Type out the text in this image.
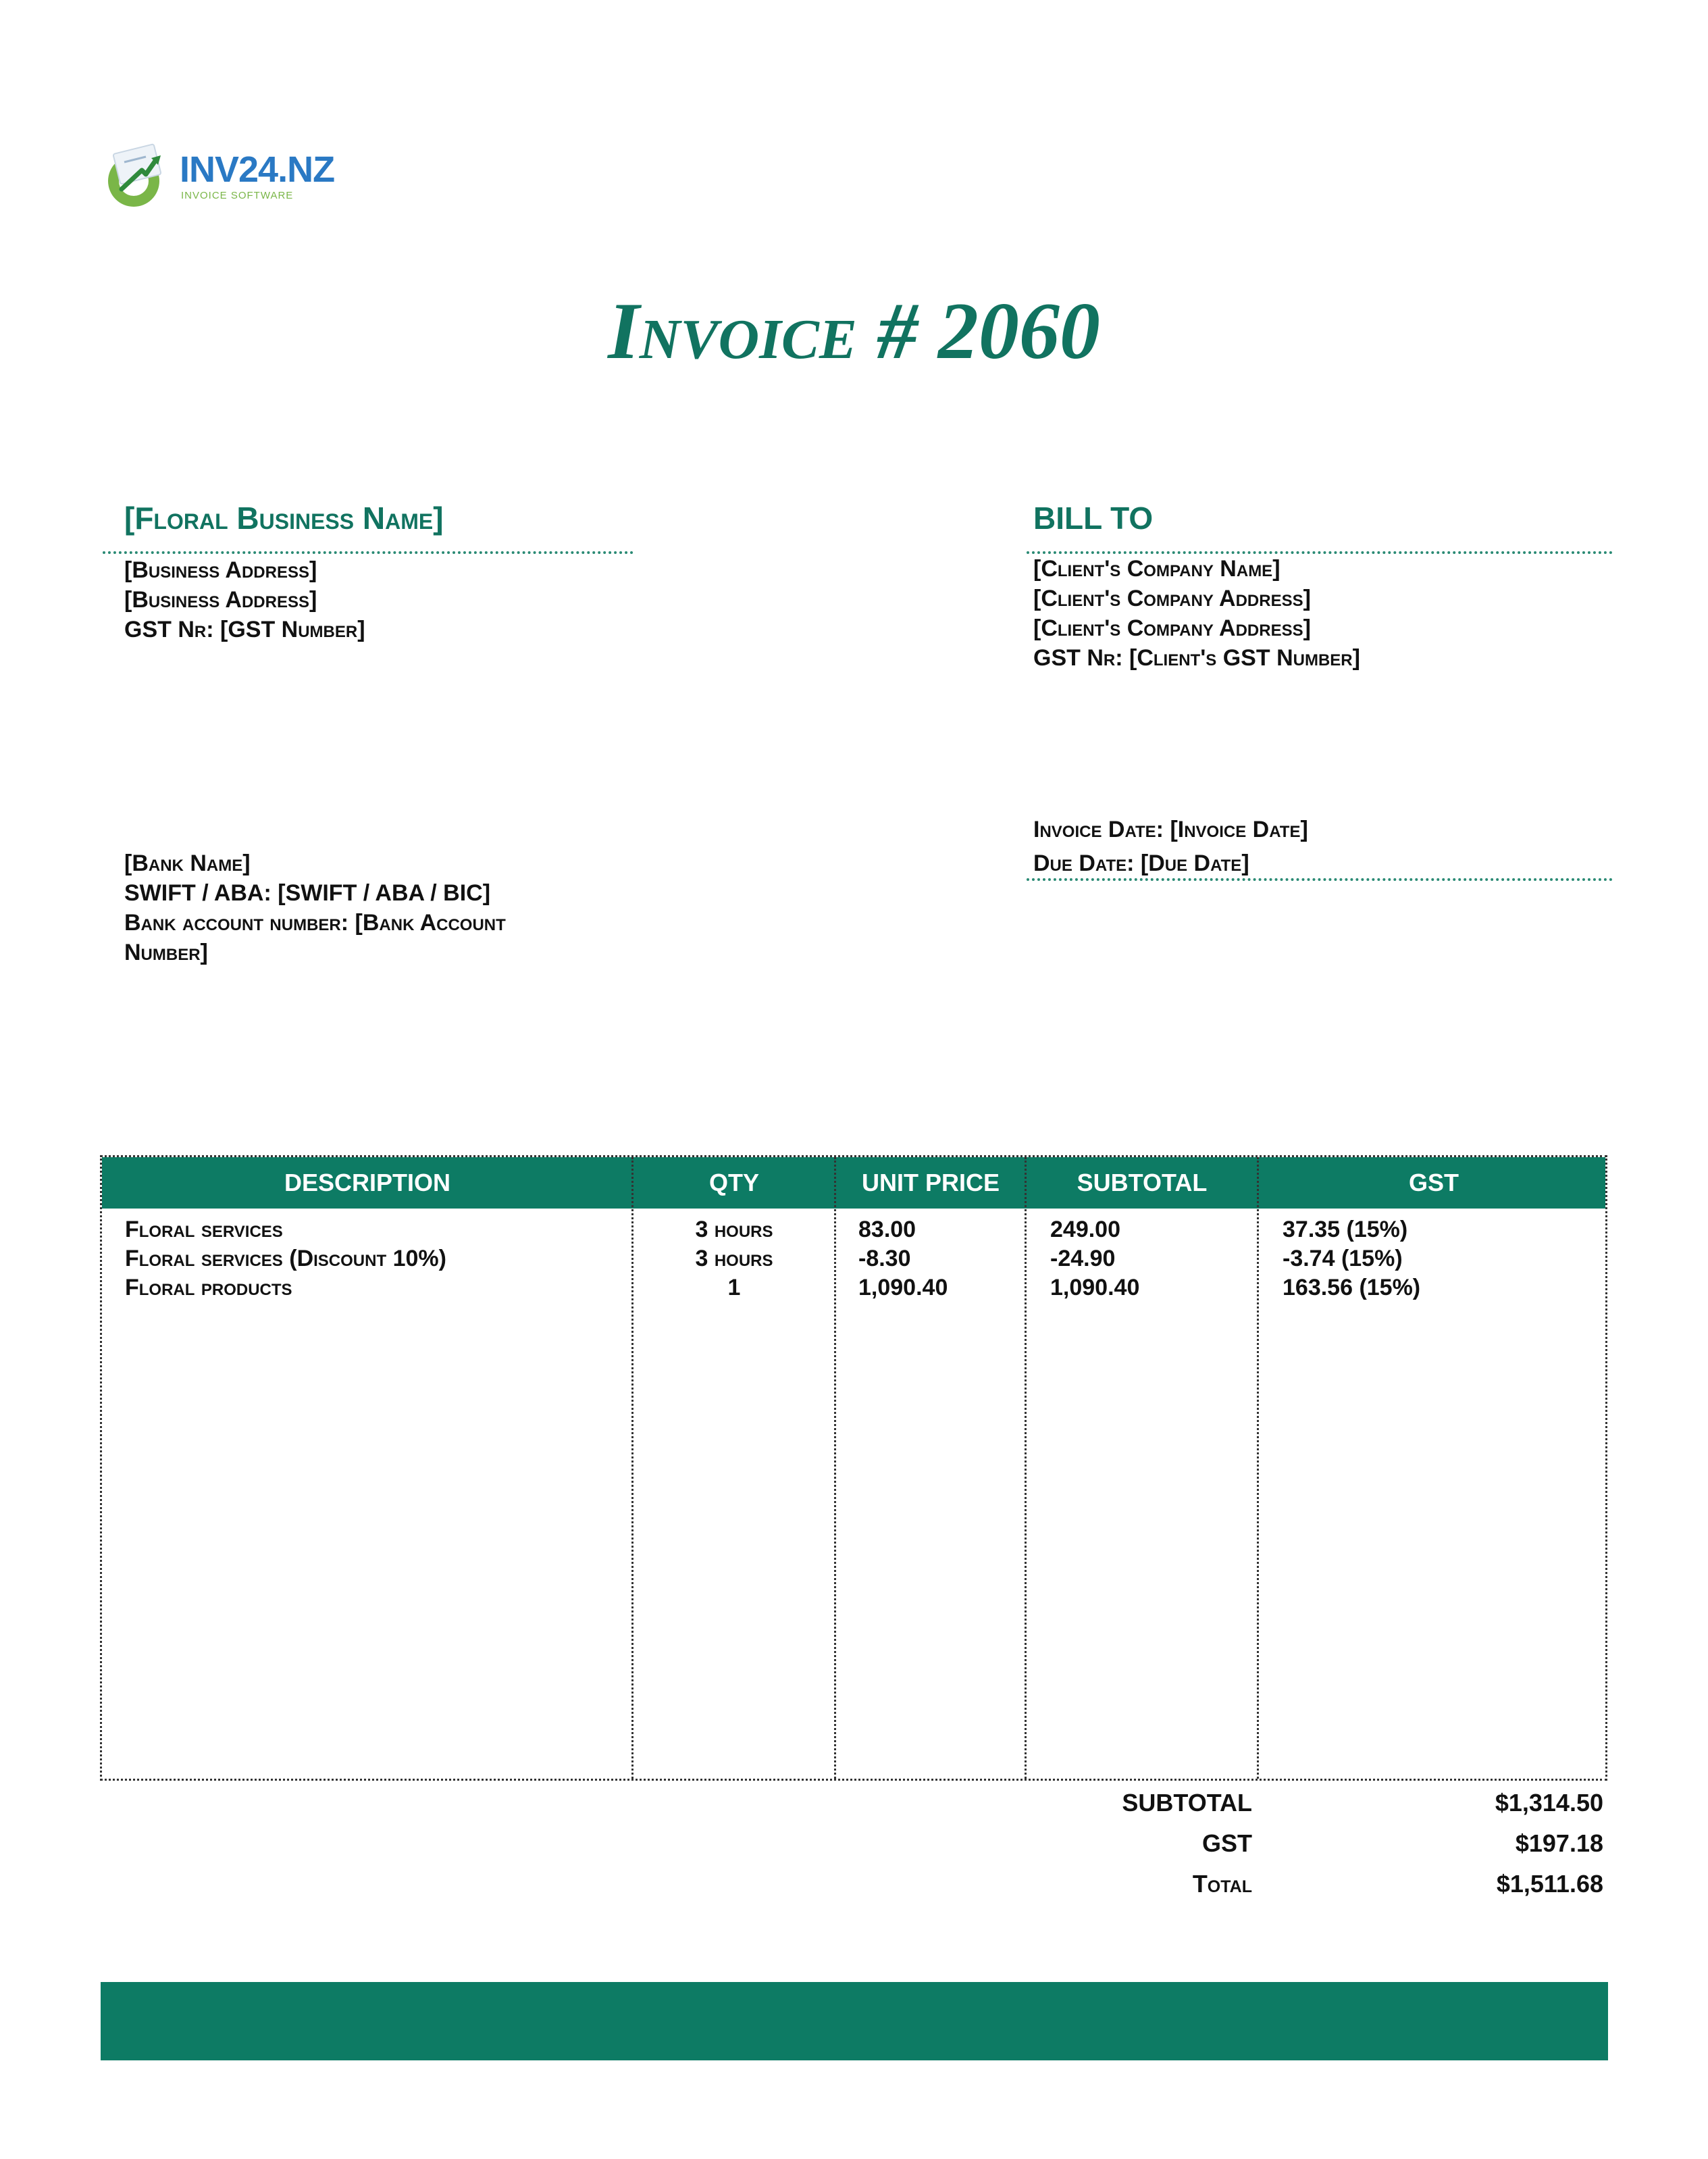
INV24.NZ
INVOICE SOFTWARE
Invoice # 2060
[Floral Business Name]
[Business Address]
[Business Address]
GST Nr: [GST Number]
BILL TO
[Client's Company Name]
[Client's Company Address]
[Client's Company Address]
GST Nr: [Client's GST Number]
Invoice Date: [Invoice Date]
Due Date: [Due Date]
[Bank Name]
SWIFT / ABA: [SWIFT / ABA / BIC]
Bank account number: [Bank Account
Number]
DESCRIPTION	QTY	UNIT PRICE	SUBTOTAL	GST
Floral services	3 hours	83.00	249.00	37.35 (15%)
Floral services (Discount 10%)	3 hours	-8.30	-24.90	-3.74 (15%)
Floral products	1	1,090.40	1,090.40	163.56 (15%)
SUBTOTAL	$1,314.50
GST	$197.18
Total	$1,511.68
